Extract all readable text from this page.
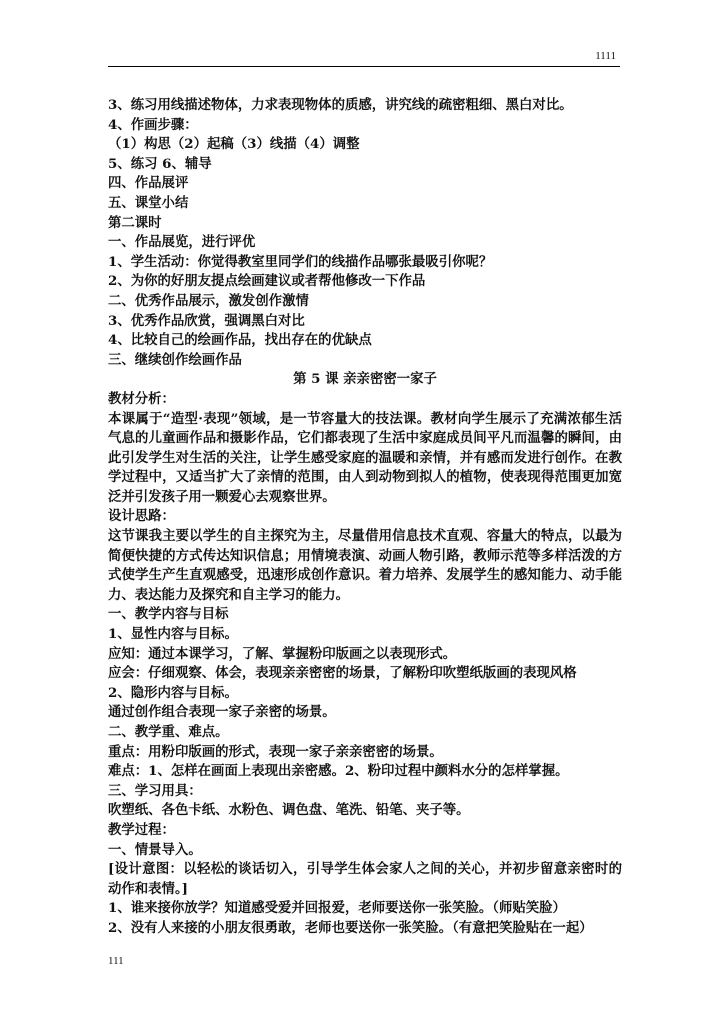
1111
3、练习用线描述物体，力求表现物体的质感，讲究线的疏密粗细、黑白对比。
4、作画步骤：
（1）构思（2）起稿（3）线描（4）调整
5、练习 6、辅导
四、作品展评
五、课堂小结
第二课时
一、作品展览，进行评优
1、学生活动：你觉得教室里同学们的线描作品哪张最吸引你呢？
2、为你的好朋友提点绘画建议或者帮他修改一下作品
二、优秀作品展示，激发创作激情
3、优秀作品欣赏，强调黑白对比
4、比较自己的绘画作品，找出存在的优缺点
三、继续创作绘画作品
第 5 课 亲亲密密一家子
教材分析：
本课属于“造型·表现”领域，是一节容量大的技法课。教材向学生展示了充满浓郁生活气息的儿童画作品和摄影作品，它们都表现了生活中家庭成员间平凡而温馨的瞬间，由此引发学生对生活的关注，让学生感受家庭的温暖和亲情，并有感而发进行创作。在教学过程中，又适当扩大了亲情的范围，由人到动物到拟人的植物，使表现得范围更加宽泛并引发孩子用一颗爱心去观察世界。
设计思路：
这节课我主要以学生的自主探究为主，尽量借用信息技术直观、容量大的特点，以最为简便快捷的方式传达知识信息；用情境表演、动画人物引路，教师示范等多样活泼的方式使学生产生直观感受，迅速形成创作意识。着力培养、发展学生的感知能力、动手能力、表达能力及探究和自主学习的能力。
一、教学内容与目标
1、显性内容与目标。
应知：通过本课学习，了解、掌握粉印版画之以表现形式。
应会：仔细观察、体会，表现亲亲密密的场景，了解粉印吹塑纸版画的表现风格
2、隐形内容与目标。
通过创作组合表现一家子亲密的场景。
二、教学重、难点。
重点：用粉印版画的形式，表现一家子亲亲密密的场景。
难点：1、怎样在画面上表现出亲密感。2、粉印过程中颜料水分的怎样掌握。
三、学习用具：
吹塑纸、各色卡纸、水粉色、调色盘、笔洗、铅笔、夹子等。
教学过程：
一、情景导入。
[设计意图：以轻松的谈话切入，引导学生体会家人之间的关心，并初步留意亲密时的动作和表情。]
1、谁来接你放学？知道感受爱并回报爱，老师要送你一张笑脸。（师贴笑脸）
2、没有人来接的小朋友很勇敢，老师也要送你一张笑脸。（有意把笑脸贴在一起）
111
